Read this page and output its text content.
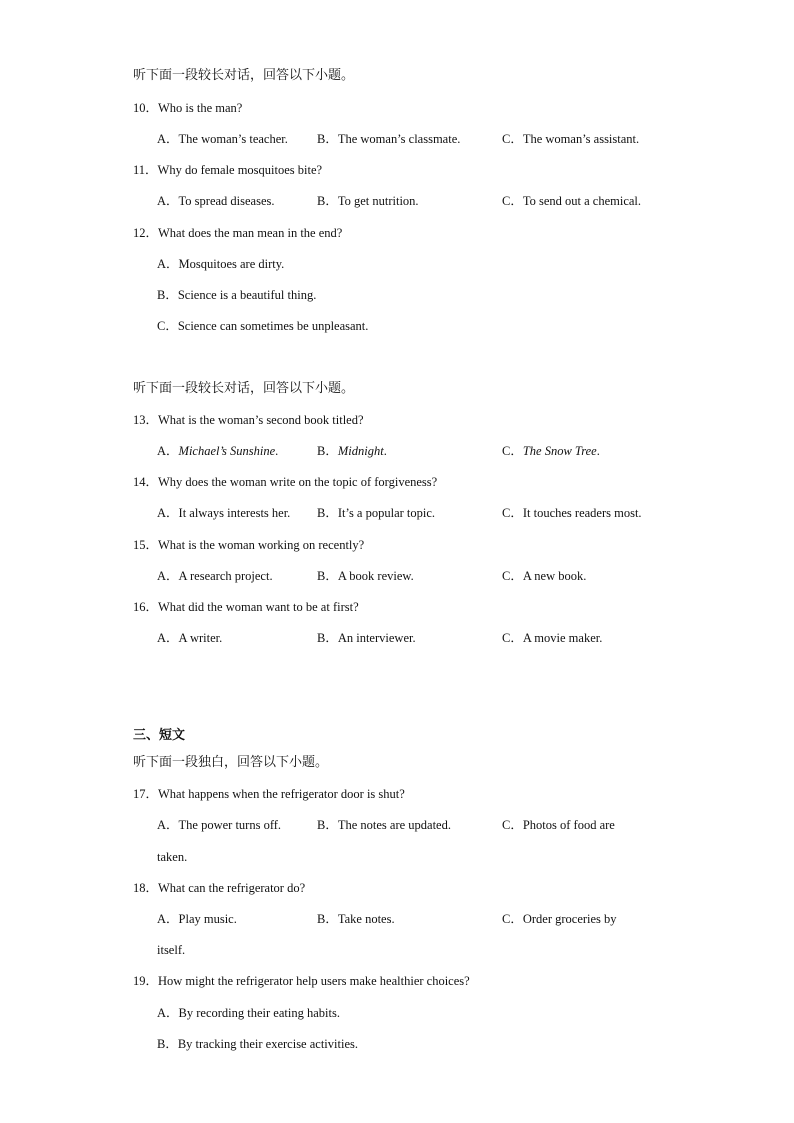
听下面一段较长对话，回答以下小题。
10．Who is the man?
A．The woman’s teacher. B．The woman’s classmate.	C．The woman’s assistant.
11．Why do female mosquitoes bite?
A．To spread diseases.	B．To get nutrition.	C．To send out a chemical.
12．What does the man mean in the end?
A．Mosquitoes are dirty.
B．Science is a beautiful thing.
C．Science can sometimes be unpleasant.
听下面一段较长对话，回答以下小题。
13．What is the woman’s second book titled?
A．Michael’s Sunshine.	B．Midnight.	C．The Snow Tree.
14．Why does the woman write on the topic of forgiveness?
A．It always interests her. B．It’s a popular topic.	C．It touches readers most.
15．What is the woman working on recently?
A．A research project.	B．A book review.	C．A new book.
16．What did the woman want to be at first?
A．A writer.	B．An interviewer.	C．A movie maker.
三、短文
听下面一段独白，回答以下小题。
17．What happens when the refrigerator door is shut?
A．The power turns off.	B．The notes are updated.	C．Photos of food are
taken.
18．What can the refrigerator do?
A．Play music.	B．Take notes.	C．Order groceries by
itself.
19．How might the refrigerator help users make healthier choices?
A．By recording their eating habits.
B．By tracking their exercise activities.
